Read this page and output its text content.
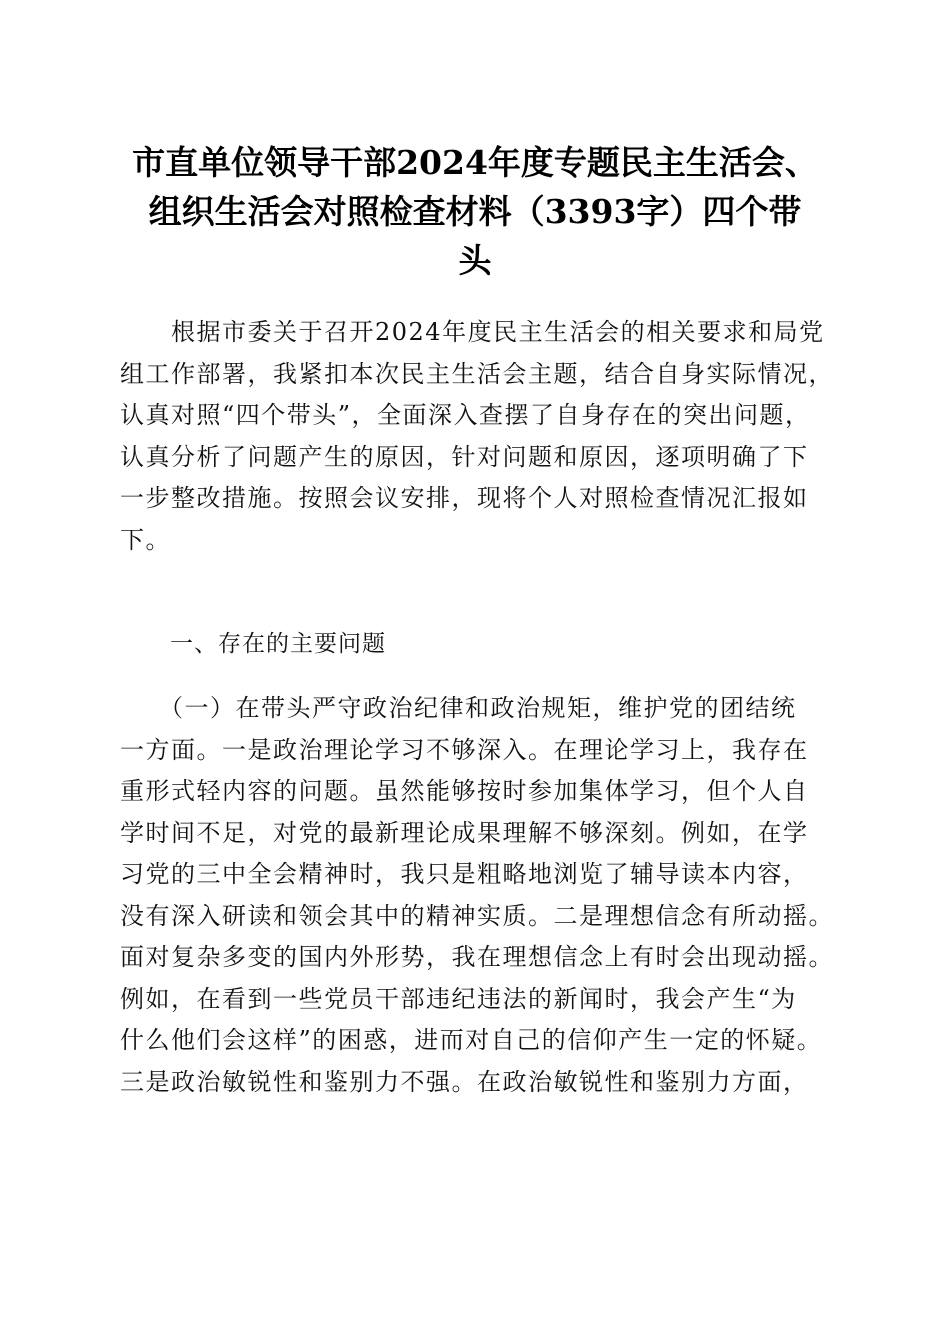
市直单位领导干部2024年度专题民主生活会、
组织生活会对照检查材料（3393字）四个带
头
　　根据市委关于召开2024年度民主生活会的相关要求和局党
组工作部署，我紧扣本次民主生活会主题，结合自身实际情况，
认真对照“四个带头”，全面深入查摆了自身存在的突出问题，
认真分析了问题产生的原因，针对问题和原因，逐项明确了下
一步整改措施。按照会议安排，现将个人对照检查情况汇报如
下。
一、存在的主要问题
　　（一）在带头严守政治纪律和政治规矩，维护党的团结统
一方面。一是政治理论学习不够深入。在理论学习上，我存在
重形式轻内容的问题。虽然能够按时参加集体学习，但个人自
学时间不足，对党的最新理论成果理解不够深刻。例如，在学
习党的三中全会精神时，我只是粗略地浏览了辅导读本内容，
没有深入研读和领会其中的精神实质。二是理想信念有所动摇。
面对复杂多变的国内外形势，我在理想信念上有时会出现动摇。
例如，在看到一些党员干部违纪违法的新闻时，我会产生“为
什么他们会这样”的困惑，进而对自己的信仰产生一定的怀疑。
三是政治敏锐性和鉴别力不强。在政治敏锐性和鉴别力方面，
